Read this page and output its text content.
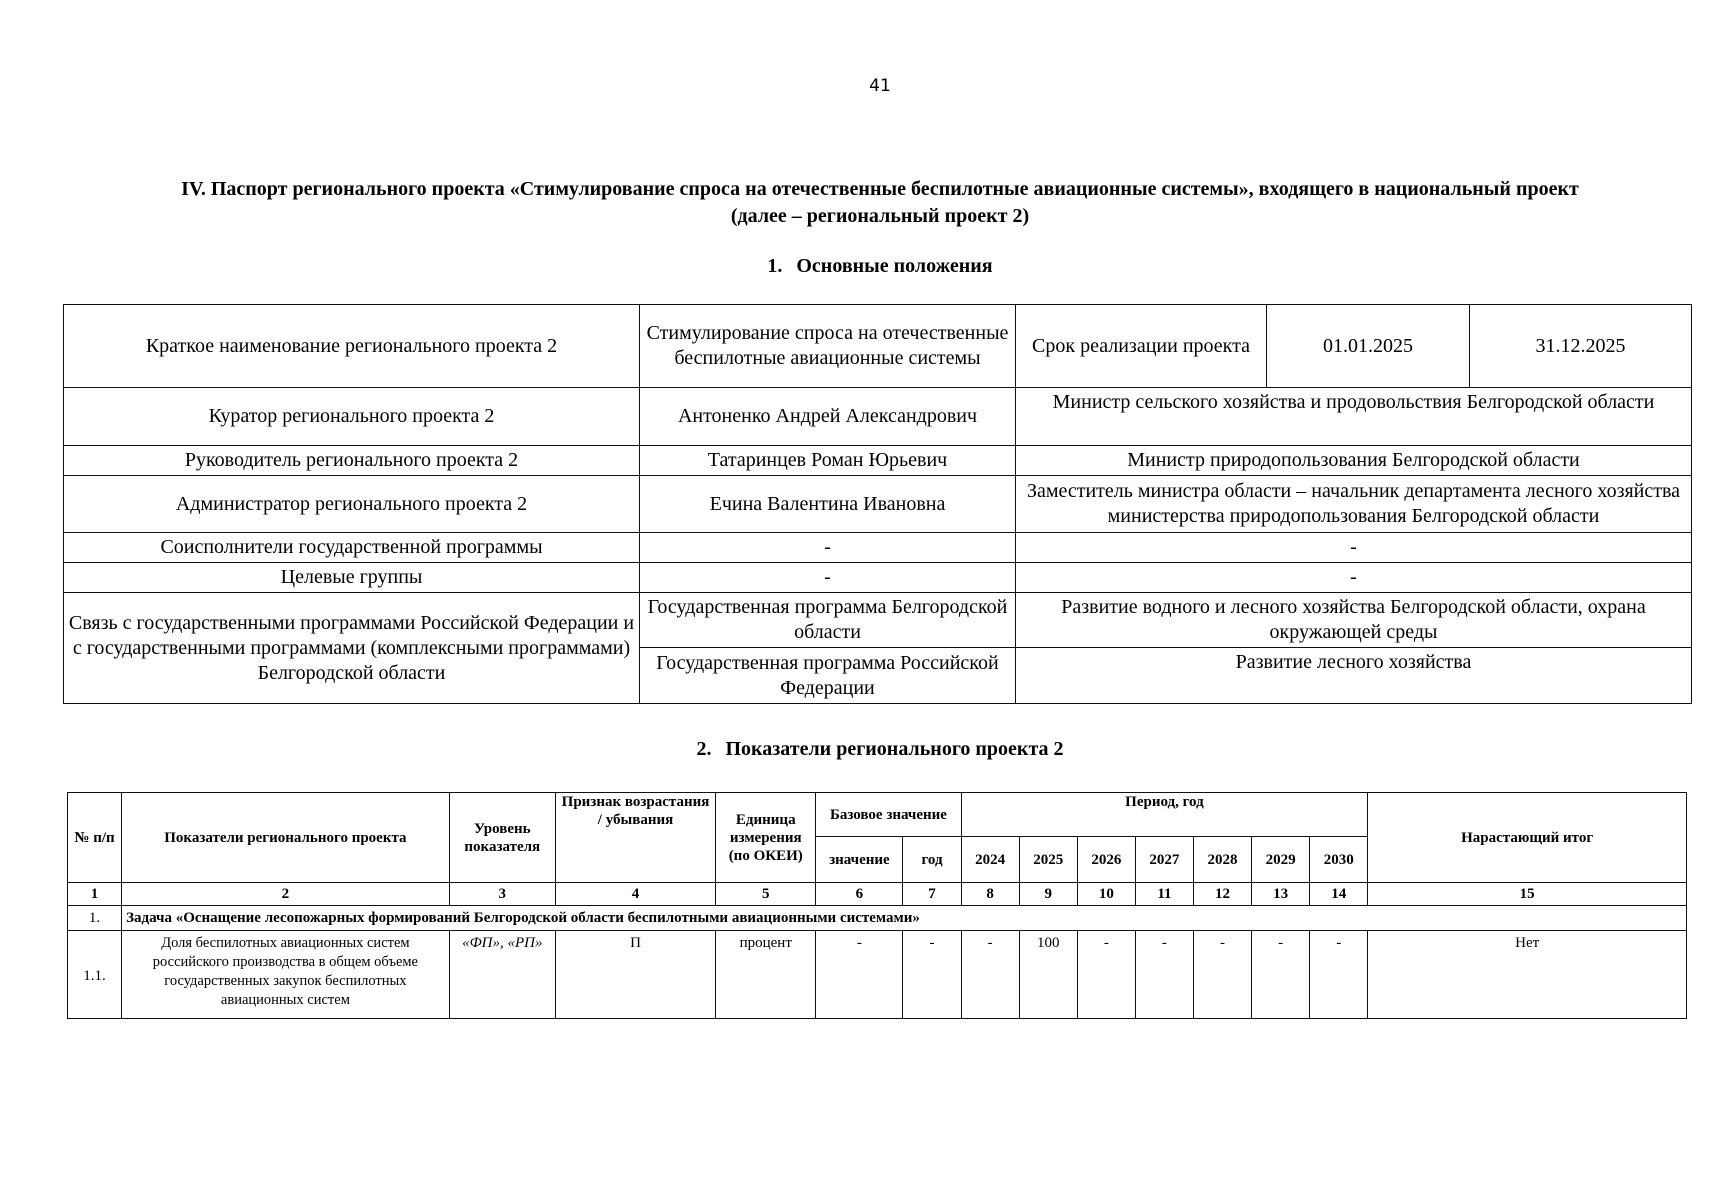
41
IV. Паспорт регионального проекта «Стимулирование спроса на отечественные беспилотные авиационные системы», входящего в национальный проект
(далее – региональный проект 2)
1. Основные положения
Краткое наименование регионального проекта 2	Стимулирование спроса на отечественные беспилотные авиационные системы	Срок реализации проекта	01.01.2025	31.12.2025
Куратор регионального проекта 2	Антоненко Андрей Александрович	Министр сельского хозяйства и продовольствия Белгородской области		
Руководитель регионального проекта 2	Татаринцев Роман Юрьевич	Министр природопользования Белгородской области		
Администратор регионального проекта 2	Ечина Валентина Ивановна	Заместитель министра области – начальник департамента лесного хозяйства министерства природопользования Белгородской области		
Соисполнители государственной программы	-	-		
Целевые группы	-	-		
Связь с государственными программами Российской Федерации и с государственными программами (комплексными программами) Белгородской области	Государственная программа Белгородской области	Развитие водного и лесного хозяйства Белгородской области, охрана окружающей среды		
	Государственная программа Российской Федерации	Развитие лесного хозяйства		
2. Показатели регионального проекта 2
№ п/п	Показатели регионального проекта	Уровень показателя	Признак возрастания / убывания	Единица измерения (по ОКЕИ)	Базовое значение		Период, год							Нарастающий итог
					значение	год	2024	2025	2026	2027	2028	2029	2030	
1	2	3	4	5	6	7	8	9	10	11	12	13	14	15
1.	Задача «Оснащение лесопожарных формирований Белгородской области беспилотными авиационными системами»													
1.1.	Доля беспилотных авиационных систем российского производства в общем объеме государственных закупок беспилотных авиационных систем	«ФП», «РП»	П	процент	-	-	-	100	-	-	-	-	-	Нет
